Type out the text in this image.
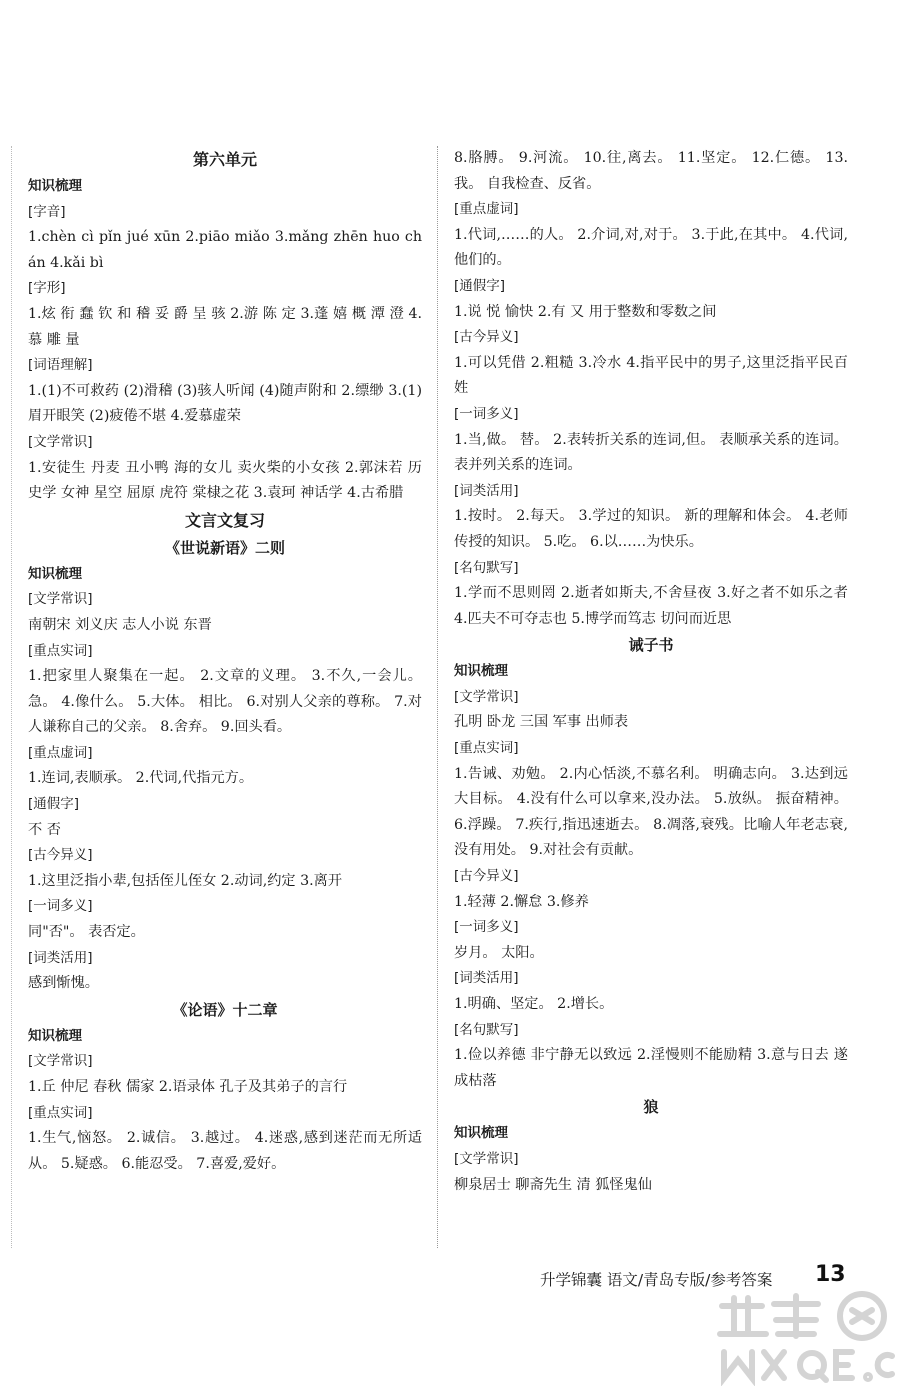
第六单元
知识梳理
[字音]
1.chèn cì pǐn jué xūn 2.piāo miǎo 3.mǎng zhēn huo chán 4.kǎi bì
[字形]
1.炫 衔 蠢 钦 和 稽 妥 爵 呈 骇 2.游 陈 定 3.蓬 嬉 概 潭 澄 4.慕 雕 量
[词语理解]
1.(1)不可救药 (2)滑稽 (3)骇人听闻 (4)随声附和 2.缥缈 3.(1)眉开眼笑 (2)疲倦不堪 4.爱慕虚荣
[文学常识]
1.安徒生 丹麦 丑小鸭 海的女儿 卖火柴的小女孩 2.郭沫若 历史学 女神 星空 屈原 虎符 棠棣之花 3.袁珂 神话学 4.古希腊
文言文复习
《世说新语》二则
知识梳理
[文学常识]
南朝宋 刘义庆 志人小说 东晋
[重点实词]
1.把家里人聚集在一起。 2.文章的义理。 3.不久,一会儿。 急。 4.像什么。 5.大体。 相比。 6.对别人父亲的尊称。 7.对人谦称自己的父亲。 8.舍弃。 9.回头看。
[重点虚词]
1.连词,表顺承。 2.代词,代指元方。
[通假字]
不 否
[古今异义]
1.这里泛指小辈,包括侄儿侄女 2.动词,约定 3.离开
[一词多义]
同"否"。 表否定。
[词类活用]
感到惭愧。
《论语》十二章
知识梳理
[文学常识]
1.丘 仲尼 春秋 儒家 2.语录体 孔子及其弟子的言行
[重点实词]
1.生气,恼怒。 2.诚信。 3.越过。 4.迷惑,感到迷茫而无所适从。 5.疑惑。 6.能忍受。 7.喜爱,爱好。
8.胳膊。 9.河流。 10.往,离去。 11.坚定。 12.仁德。 13.我。 自我检查、反省。
[重点虚词]
1.代词,……的人。 2.介词,对,对于。 3.于此,在其中。 4.代词,他们的。
[通假字]
1.说 悦 愉快 2.有 又 用于整数和零数之间
[古今异义]
1.可以凭借 2.粗糙 3.冷水 4.指平民中的男子,这里泛指平民百姓
[一词多义]
1.当,做。 替。 2.表转折关系的连词,但。 表顺承关系的连词。 表并列关系的连词。
[词类活用]
1.按时。 2.每天。 3.学过的知识。 新的理解和体会。 4.老师传授的知识。 5.吃。 6.以……为快乐。
[名句默写]
1.学而不思则罔 2.逝者如斯夫,不舍昼夜 3.好之者不如乐之者 4.匹夫不可夺志也 5.博学而笃志 切问而近思
诫子书
知识梳理
[文学常识]
孔明 卧龙 三国 军事 出师表
[重点实词]
1.告诫、劝勉。 2.内心恬淡,不慕名利。 明确志向。 3.达到远大目标。 4.没有什么可以拿来,没办法。 5.放纵。 振奋精神。 6.浮躁。 7.疾行,指迅速逝去。 8.凋落,衰残。比喻人年老志衰,没有用处。 9.对社会有贡献。
[古今异义]
1.轻薄 2.懈怠 3.修养
[一词多义]
岁月。 太阳。
[词类活用]
1.明确、坚定。 2.增长。
[名句默写]
1.俭以养德 非宁静无以致远 2.淫慢则不能励精 3.意与日去 遂成枯落
狼
知识梳理
[文学常识]
柳泉居士 聊斋先生 清 狐怪鬼仙
升学锦囊 语文/青岛专版/参考答案 13
